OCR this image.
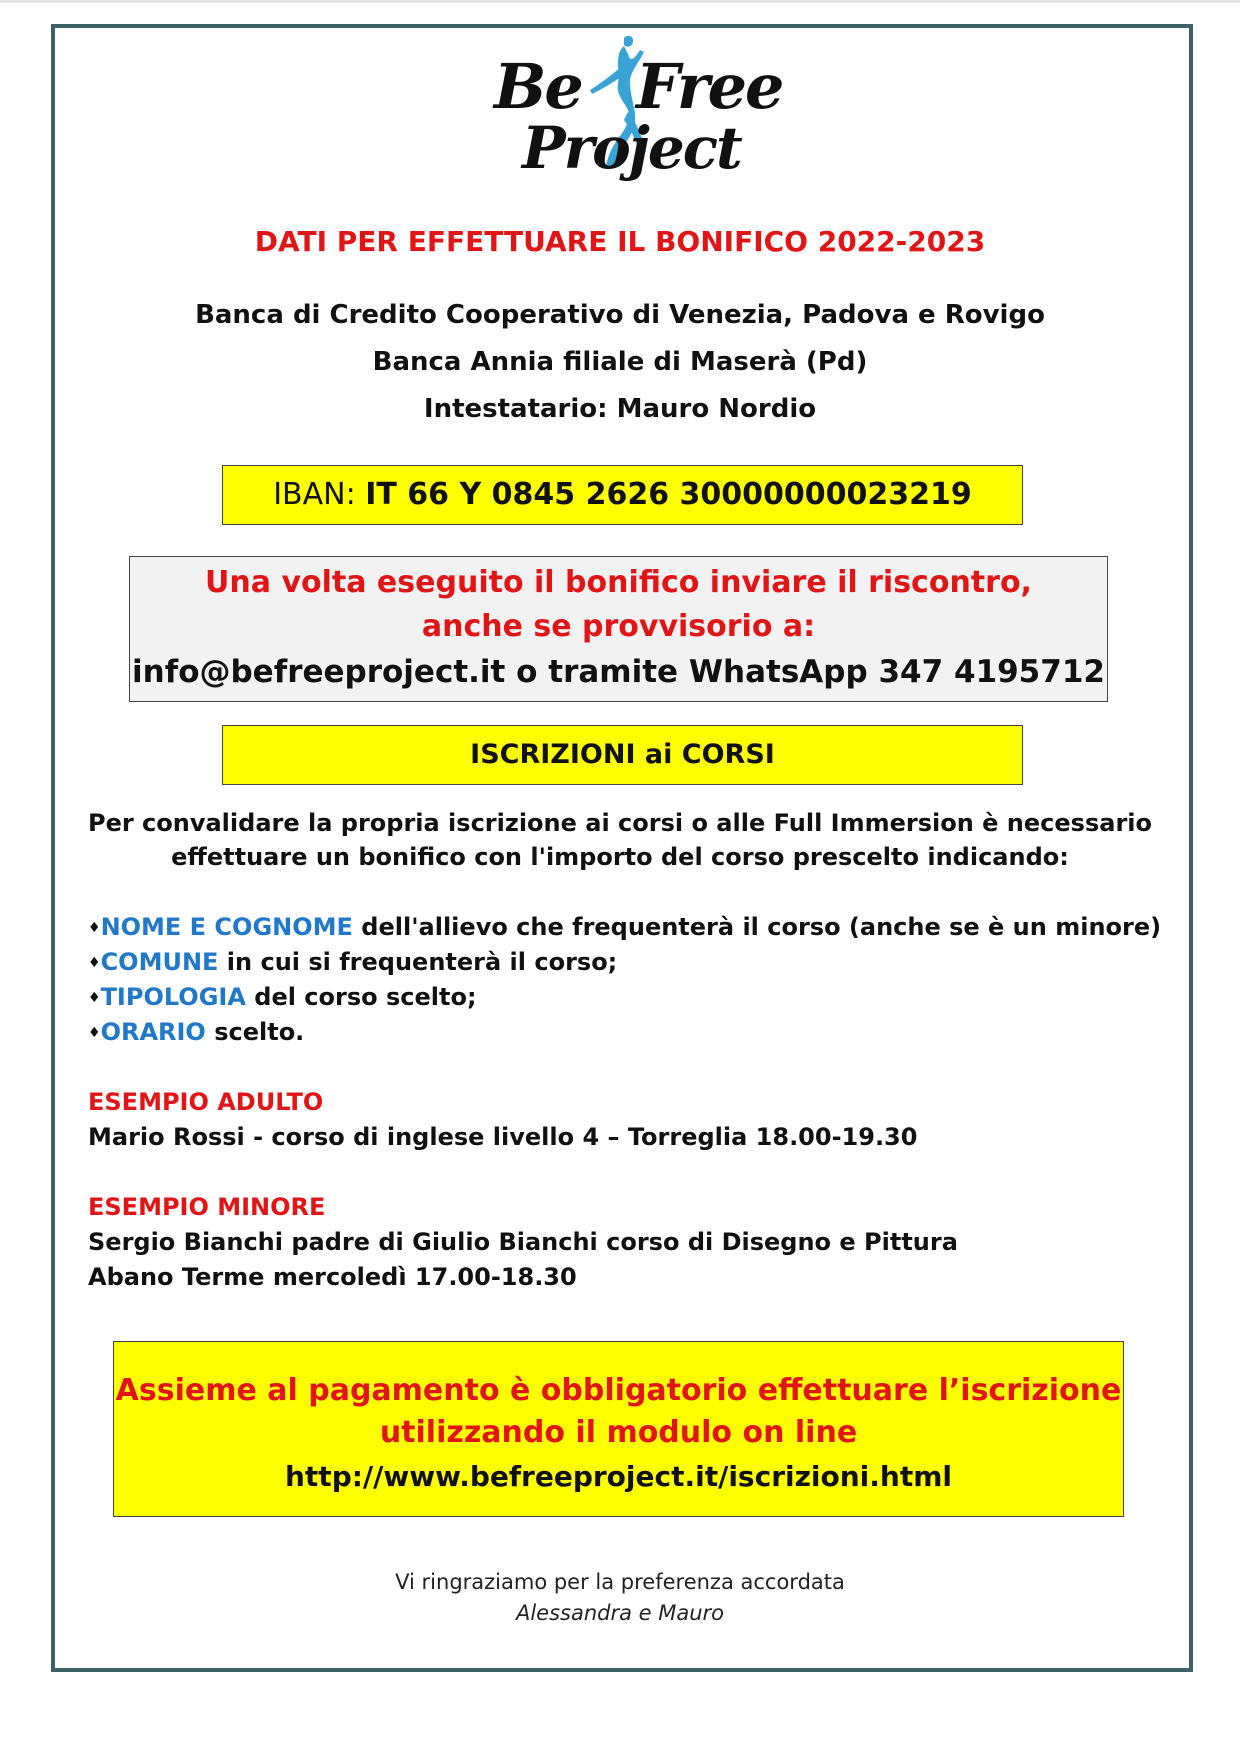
Be Free
Project
DATI PER EFFETTUARE IL BONIFICO 2022-2023
Banca di Credito Cooperativo di Venezia, Padova e Rovigo
Banca Annia filiale di Maserà (Pd)
Intestatario: Mauro Nordio
IBAN: IT 66 Y 0845 2626 30000000023219
Una volta eseguito il bonifico inviare il riscontro,
anche se provvisorio a:
info@befreeproject.it o tramite WhatsApp 347 4195712
ISCRIZIONI ai CORSI
Per convalidare la propria iscrizione ai corsi o alle Full Immersion è necessario
effettuare un bonifico con l'importo del corso prescelto indicando:
♦NOME E COGNOME dell'allievo che frequenterà il corso (anche se è un minore)
♦COMUNE in cui si frequenterà il corso;
♦TIPOLOGIA del corso scelto;
♦ORARIO scelto.
ESEMPIO ADULTO
Mario Rossi - corso di inglese livello 4 – Torreglia 18.00-19.30
ESEMPIO MINORE
Sergio Bianchi padre di Giulio Bianchi corso di Disegno e Pittura
Abano Terme mercoledì 17.00-18.30
Assieme al pagamento è obbligatorio effettuare l’iscrizione
utilizzando il modulo on line
http://www.befreeproject.it/iscrizioni.html
Vi ringraziamo per la preferenza accordata
Alessandra e Mauro
